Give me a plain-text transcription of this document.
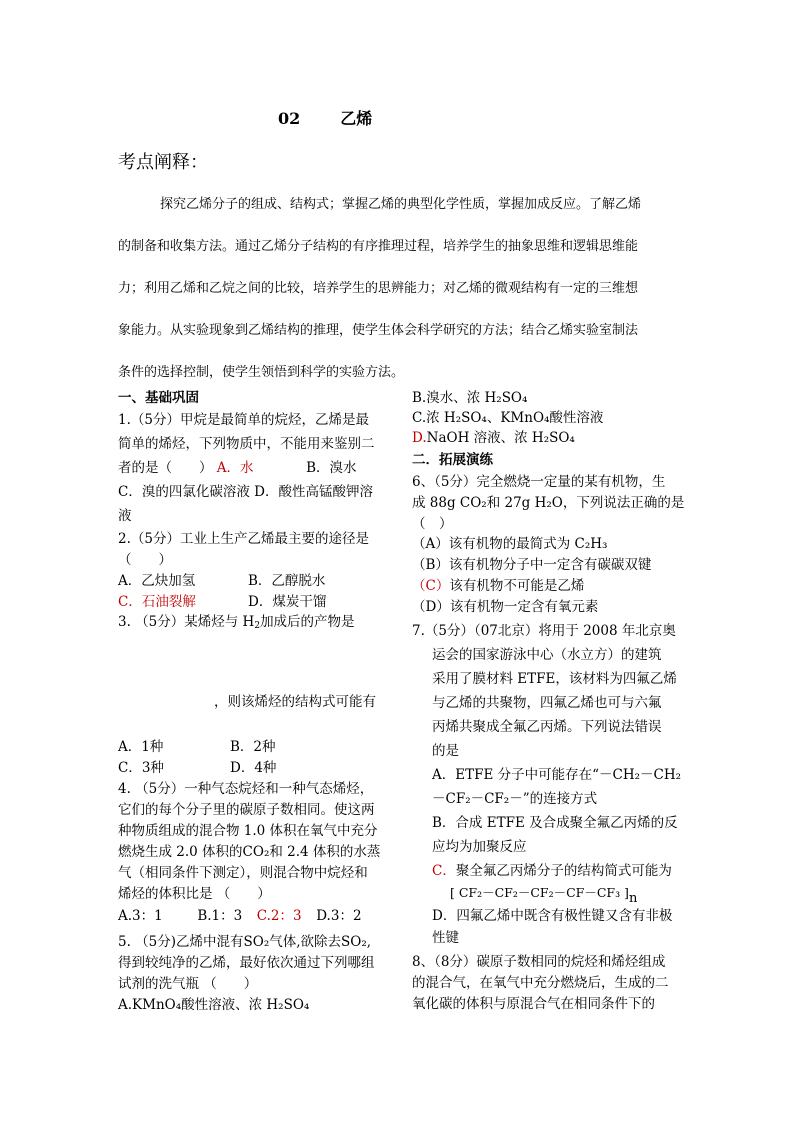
02	乙烯
考点阐释：
探究乙烯分子的组成、结构式；掌握乙烯的典型化学性质，掌握加成反应。了解乙烯
的制备和收集方法。通过乙烯分子结构的有序推理过程，培养学生的抽象思维和逻辑思维能
力；利用乙烯和乙烷之间的比较，培养学生的思辨能力；对乙烯的微观结构有一定的三维想
象能力。从实验现象到乙烯结构的推理，使学生体会科学研究的方法；结合乙烯实验室制法
条件的选择控制，使学生领悟到科学的实验方法。
一、基础巩固
1.（5分）甲烷是最简单的烷烃，乙烯是最
简单的烯烃，下列物质中，不能用来鉴别二
者的是（　　） A．水	B．溴水
C．溴的四氯化碳溶液 D．酸性高锰酸钾溶
液
2.（5分）工业上生产乙烯最主要的途径是
（　　）
A．乙炔加氢	B．乙醇脱水
C．石油裂解	D．煤炭干馏
3. （5分）某烯烃与 $H_2$加成后的产物是
，则该烯烃的结构式可能有
A．1种	B．2种
C．3种	D．4种
4. （5分）一种气态烷烃和一种气态烯烃，
它们的每个分子里的碳原子数相同。使这两
种物质组成的混合物 1.0 体积在氧气中充分
燃烧生成 2.0 体积的CO₂和 2.4 体积的水蒸
气（相同条件下测定），则混合物中烷烃和
烯烃的体积比是 （　　）
A.3：1	B.1：3 C.2：3 D.3：2
5. （5分)乙烯中混有SO₂气体,欲除去SO₂,
得到较纯净的乙烯，最好依次通过下列哪组
试剂的洗气瓶 （　　）
A.KMnO₄酸性溶液、浓 H₂SO₄
B.溴水、浓 H₂SO₄
C.浓 H₂SO₄、KMnO₄酸性溶液
D.NaOH 溶液、浓 H₂SO₄
二．拓展演练
6、（5分）完全燃烧一定量的某有机物，生
成 88g CO₂和 27g H₂O，下列说法正确的是
（　）
（A）该有机物的最简式为 C₂H₃
（B）该有机物分子中一定含有碳碳双键
（C）该有机物不可能是乙烯
（D）该有机物一定含有氧元素
7.（5分）（07北京）将用于 2008 年北京奥
运会的国家游泳中心（水立方）的建筑
采用了膜材料 ETFE，该材料为四氟乙烯
与乙烯的共聚物，四氟乙烯也可与六氟
丙烯共聚成全氟乙丙烯。下列说法错误
的是
A．ETFE 分子中可能存在“－CH₂－CH₂
－CF₂－CF₂－”的连接方式
B．合成 ETFE 及合成聚全氟乙丙烯的反
应均为加聚反应
C．聚全氟乙丙烯分子的结构简式可能为
[ CF₂－CF₂－CF₂－CF－CF₃ ]n
D．四氟乙烯中既含有极性键又含有非极
性键
8、（8分）碳原子数相同的烷烃和烯烃组成
的混合气，在氧气中充分燃烧后，生成的二
氧化碳的体积与原混合气在相同条件下的
